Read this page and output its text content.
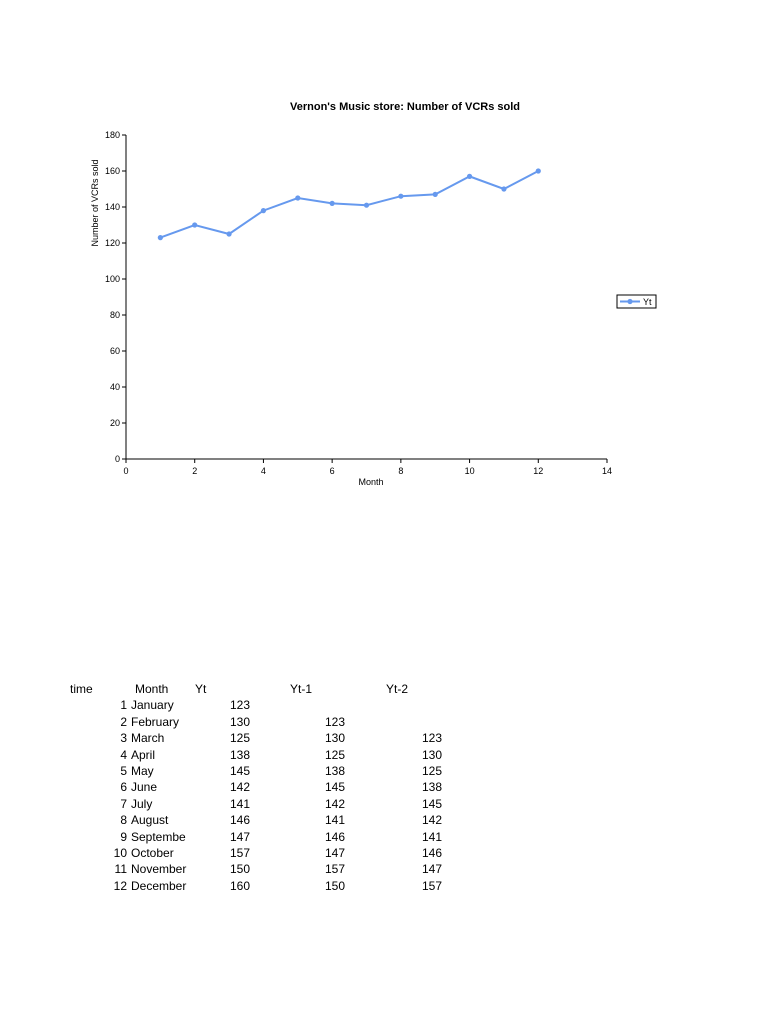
Vernon's Music store: Number of VCRs sold
0
20
40
60
80
100
120
140
160
180
0	2	4	6	8	10	12	14
Number of VCRs sold
Month
Yt
time	Month	Yt	Yt-1	Yt-2
1	January	123		
2	February	130	123	
3	March	125	130	123
4	April	138	125	130
5	May	145	138	125
6	June	142	145	138
7	July	141	142	145
8	August	146	141	142
9	Septembe	147	146	141
10	October	157	147	146
11	November	150	157	147
12	December	160	150	157
